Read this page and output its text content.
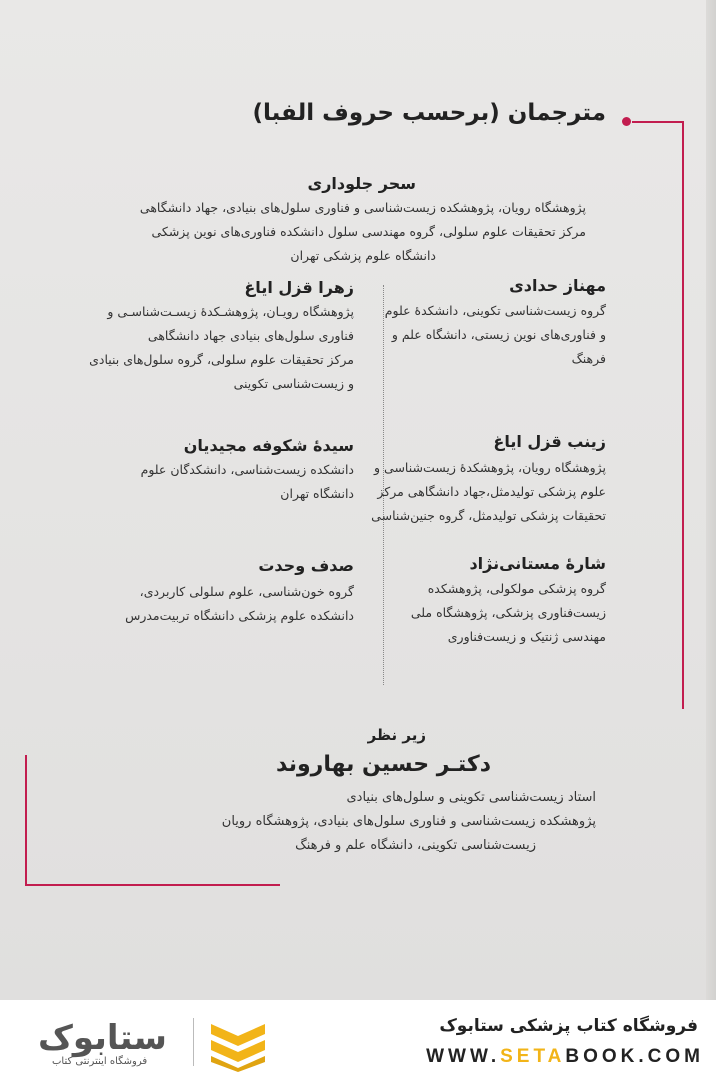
مترجمان (برحسب حروف الفبا)
سحر جلوداری
پژوهشگاه رویان، پژوهشکده زیست‌شناسی و فناوری سلول‌های بنیادی، جهاد دانشگاهی
مرکز تحقیقات علوم سلولی، گروه مهندسی سلول دانشکده فناوری‌های نوین پزشکی
دانشگاه علوم پزشکی تهران
مهناز حدادی
گروه زیست‌شناسی تکوینی، دانشکدهٔ علوم
و فناوری‌های نوین زیستی، دانشگاه علم و
فرهنگ
زینب قزل ایاغ
پژوهشگاه رویان، پژوهشکدهٔ زیست‌شناسی و
علوم پزشکی تولیدمثل،جهاد دانشگاهی مرکز
تحقیقات پزشکی تولیدمثل، گروه جنین‌شناسی
شارهٔ مستانی‌نژاد
گروه پزشکی مولکولی، پژوهشکده
زیست‌فناوری پزشکی، پژوهشگاه ملی
مهندسی ژنتیک و زیست‌فناوری
زهرا قزل ایاغ
پژوهشگاه رویـان، پژوهشـکدهٔ زیسـت‌شناسـی و
فناوری سلول‌های بنیادی جهاد دانشگاهی
مرکز تحقیقات علوم سلولی، گروه سلول‌های بنیادی
و زیست‌شناسی تکوینی
سیدهٔ شکوفه مجیدیان
دانشکده زیست‌شناسی، دانشکدگان علوم
دانشگاه تهران
صدف وحدت
گروه خون‌شناسی، علوم سلولی کاربردی،
دانشکده علوم پزشکی دانشگاه تربیت‌مدرس
زیر نظر
دکتـر حسین بهاروند
استاد زیست‌شناسی تکوینی و سلول‌های بنیادی
پژوهشکده زیست‌شناسی و فناوری سلول‌های بنیادی، پژوهشگاه رویان
زیست‌شناسی تکوینی، دانشگاه علم و فرهنگ
فروشگاه کتاب پزشکی ستابوک
WWW.SETABOOK.COM
ستابوک
فروشگاه اینترنتی کتاب
